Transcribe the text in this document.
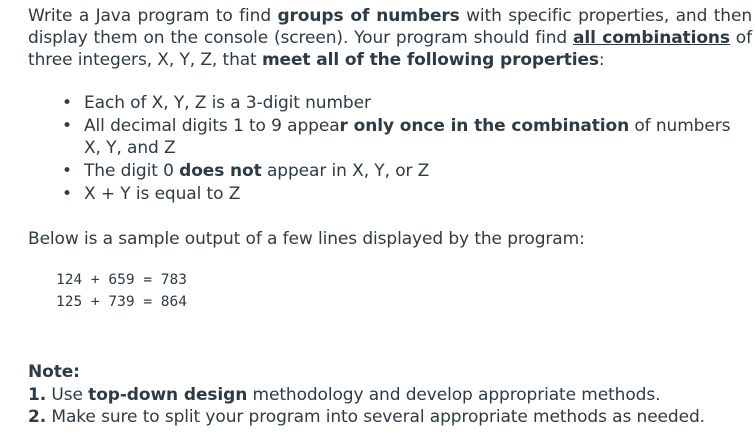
Write a Java program to find groups of numbers with specific properties, and then display them on the console (screen). Your program should find all combinations of three integers, X, Y, Z, that meet all of the following properties:

• Each of X, Y, Z is a 3-digit number
• All decimal digits 1 to 9 appear only once in the combination of numbers X, Y, and Z
• The digit 0 does not appear in X, Y, or Z
• X + Y is equal to Z

Below is a sample output of a few lines displayed by the program:

124 + 659 = 783
125 + 739 = 864

Note:

1. Use top-down design methodology and develop appropriate methods.

2. Make sure to split your program into several appropriate methods as needed.
